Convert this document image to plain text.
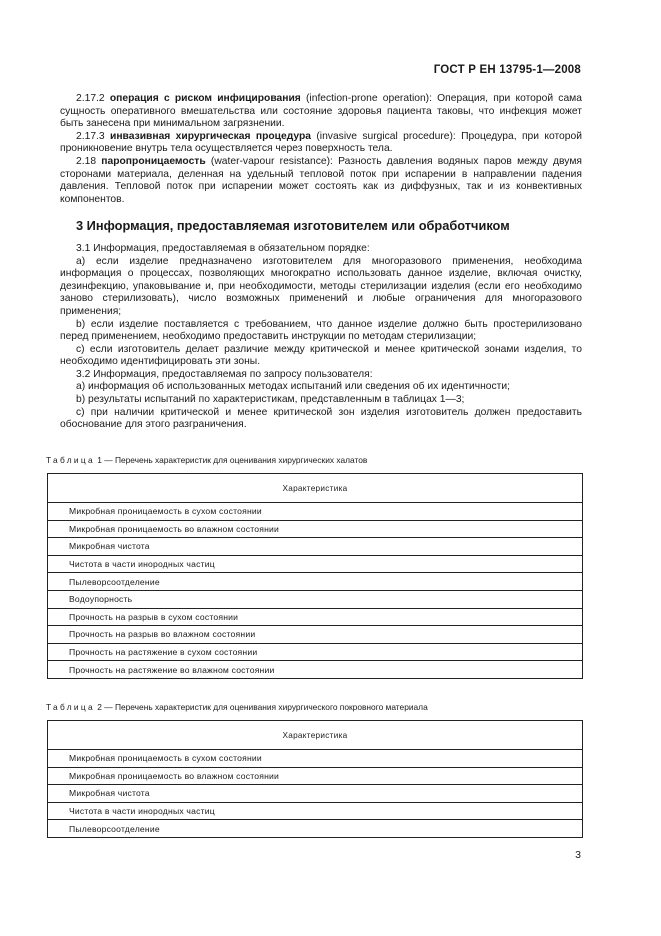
ГОСТ Р ЕН 13795-1—2008

2.17.2 операция с риском инфицирования (infection-prone operation): Операция, при которой сама сущность оперативного вмешательства или состояние здоровья пациента таковы, что инфекция может быть занесена при минимальном загрязнении.

2.17.3 инвазивная хирургическая процедура (invasive surgical procedure): Процедура, при которой проникновение внутрь тела осуществляется через поверхность тела.

2.18 паропроницаемость (water-vapour resistance): Разность давления водяных паров между двумя сторонами материала, деленная на удельный тепловой поток при испарении в направлении падения давления. Тепловой поток при испарении может состоять как из диффузных, так и из конвективных компонентов.

3 Информация, предоставляемая изготовителем или обработчиком

3.1 Информация, предоставляемая в обязательном порядке:

а) если изделие предназначено изготовителем для многоразового применения, необходима информация о процессах, позволяющих многократно использовать данное изделие, включая очистку, дезинфекцию, упаковывание и, при необходимости, методы стерилизации изделия (если его необходимо заново стерилизовать), число возможных применений и любые ограничения для многоразового применения;

b) если изделие поставляется с требованием, что данное изделие должно быть простерилизовано перед применением, необходимо предоставить инструкции по методам стерилизации;

c) если изготовитель делает различие между критической и менее критической зонами изделия, то необходимо идентифицировать эти зоны.

3.2 Информация, предоставляемая по запросу пользователя:

а) информация об использованных методах испытаний или сведения об их идентичности;

b) результаты испытаний по характеристикам, представленным в таблицах 1—3;

c) при наличии критической и менее критической зон изделия изготовитель должен предоставить обоснование для этого разграничения.

Таблица 1 — Перечень характеристик для оценивания хирургических халатов
Характеристика
Микробная проницаемость в сухом состоянии
Микробная проницаемость во влажном состоянии
Микробная чистота
Чистота в части инородных частиц
Пылеворсоотделение
Водоупорность
Прочность на разрыв в сухом состоянии
Прочность на разрыв во влажном состоянии
Прочность на растяжение в сухом состоянии
Прочность на растяжение во влажном состоянии
Таблица 2 — Перечень характеристик для оценивания хирургического покровного материала
Характеристика
Микробная проницаемость в сухом состоянии
Микробная проницаемость во влажном состоянии
Микробная чистота
Чистота в части инородных частиц
Пылеворсоотделение
3
